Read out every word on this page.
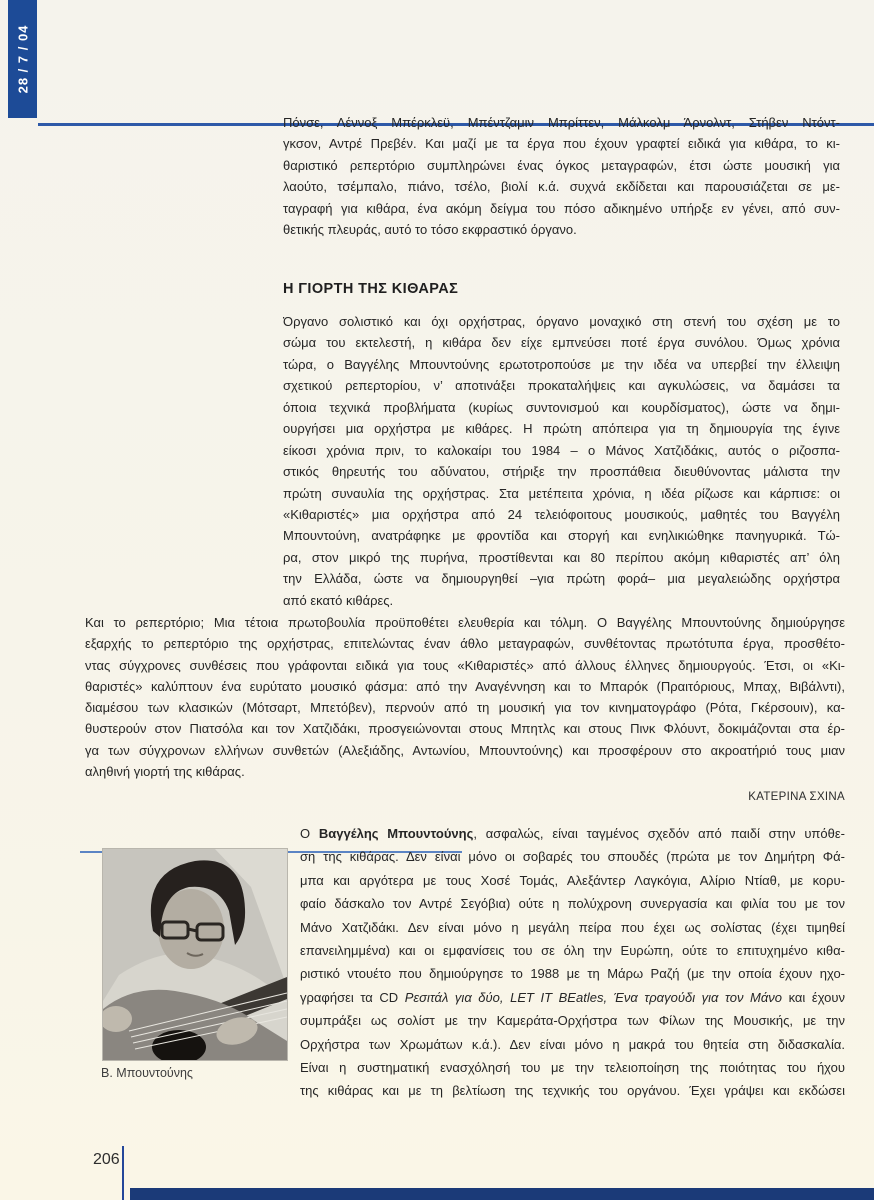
28 / 7 / 04
Πόνσε, Λέννοξ Μπέρκλεϋ, Μπέντζαμιν Μπρίττεν, Μάλκολμ Άρνολντ, Στήβεν Ντόντ-
γκσον, Αντρέ Πρεβέν. Και μαζί με τα έργα που έχουν γραφτεί ειδικά για κιθάρα, το κι-
θαριστικό ρεπερτόριο συμπληρώνει ένας όγκος μεταγραφών, έτσι ώστε μουσική για
λαούτο, τσέμπαλο, πιάνο, τσέλο, βιολί κ.ά. συχνά εκδίδεται και παρουσιάζεται σε με-
ταγραφή για κιθάρα, ένα ακόμη δείγμα του πόσο αδικημένο υπήρξε εν γένει, από συν-
θετικής πλευράς, αυτό το τόσο εκφραστικό όργανο.
Η ΓΙΟΡΤΗ ΤΗΣ ΚΙΘΑΡΑΣ
Όργανο σολιστικό και όχι ορχήστρας, όργανο μοναχικό στη στενή του σχέση με το
σώμα του εκτελεστή, η κιθάρα δεν είχε εμπνεύσει ποτέ έργα συνόλου. Όμως χρόνια
τώρα, ο Βαγγέλης Μπουντούνης ερωτοτροπούσε με την ιδέα να υπερβεί την έλλειψη
σχετικού ρεπερτορίου, ν’ αποτινάξει προκαταλήψεις και αγκυλώσεις, να δαμάσει τα
όποια τεχνικά προβλήματα (κυρίως συντονισμού και κουρδίσματος), ώστε να δημι-
ουργήσει μια ορχήστρα με κιθάρες. Η πρώτη απόπειρα για τη δημιουργία της έγινε
είκοσι χρόνια πριν, το καλοκαίρι του 1984 – ο Μάνος Χατζιδάκις, αυτός ο ριζοσπα-
στικός θηρευτής του αδύνατου, στήριξε την προσπάθεια διευθύνοντας μάλιστα την
πρώτη συναυλία της ορχήστρας. Στα μετέπειτα χρόνια, η ιδέα ρίζωσε και κάρπισε: οι
«Κιθαριστές» μια ορχήστρα από 24 τελειόφοιτους μουσικούς, μαθητές του Βαγγέλη
Μπουντούνη, ανατράφηκε με φροντίδα και στοργή και ενηλικιώθηκε πανηγυρικά. Τώ-
ρα, στον μικρό της πυρήνα, προστίθενται και 80 περίπου ακόμη κιθαριστές απ’ όλη
την Ελλάδα, ώστε να δημιουργηθεί –για πρώτη φορά– μια μεγαλειώδης ορχήστρα
από εκατό κιθάρες.
Και το ρεπερτόριο; Μια τέτοια πρωτοβουλία προϋποθέτει ελευθερία και τόλμη. Ο Βαγγέλης Μπουντούνης δημιούργησε
εξαρχής το ρεπερτόριο της ορχήστρας, επιτελώντας έναν άθλο μεταγραφών, συνθέτοντας πρωτότυπα έργα, προσθέτο-
ντας σύγχρονες συνθέσεις που γράφονται ειδικά για τους «Κιθαριστές» από άλλους έλληνες δημιουργούς. Έτσι, οι «Κι-
θαριστές» καλύπτουν ένα ευρύτατο μουσικό φάσμα: από την Αναγέννηση και το Μπαρόκ (Πραιτόριους, Μπαχ, Βιβάλντι),
διαμέσου των κλασικών (Μότσαρτ, Μπετόβεν), περνούν από τη μουσική για τον κινηματογράφο (Ρότα, Γκέρσουιν), κα-
θυστερούν στον Πιατσόλα και τον Χατζιδάκι, προσγειώνονται στους Μπητλς και στους Πινκ Φλόυντ, δοκιμάζονται στα έρ-
γα των σύγχρονων ελλήνων συνθετών (Αλεξιάδης, Αντωνίου, Μπουντούνης) και προσφέρουν στο ακροατήριό τους μιαν
αληθινή γιορτή της κιθάρας.
ΚΑΤΕΡΙΝΑ ΣΧΙΝΑ
Β. Μπουντούνης
Ο Βαγγέλης Μπουντούνης, ασφαλώς, είναι ταγμένος σχεδόν από παιδί στην υπόθε-
ση της κιθάρας. Δεν είναι μόνο οι σοβαρές του σπουδές (πρώτα με τον Δημήτρη Φά-
μπα και αργότερα με τους Χοσέ Τομάς, Αλεξάντερ Λαγκόγια, Αλίριο Ντίαθ, με κορυ-
φαίο δάσκαλο τον Αντρέ Σεγόβια) ούτε η πολύχρονη συνεργασία και φιλία του με τον
Μάνο Χατζιδάκι. Δεν είναι μόνο η μεγάλη πείρα που έχει ως σολίστας (έχει τιμηθεί
επανειλημμένα) και οι εμφανίσεις του σε όλη την Ευρώπη, ούτε το επιτυχημένο κιθα-
ριστικό ντουέτο που δημιούργησε το 1988 με τη Μάρω Ραζή (με την οποία έχουν ηχο-
γραφήσει τα CD Ρεσιτάλ για δύο, LET IT BEatles, Ένα τραγούδι για τον Μάνο και έχουν
συμπράξει ως σολίστ με την Καμεράτα-Ορχήστρα των Φίλων της Μουσικής, με την
Ορχήστρα των Χρωμάτων κ.ά.). Δεν είναι μόνο η μακρά του θητεία στη διδασκαλία.
Είναι η συστηματική ενασχόλησή του με την τελειοποίηση της ποιότητας του ήχου
της κιθάρας και με τη βελτίωση της τεχνικής του οργάνου. Έχει γράψει και εκδώσει
206
